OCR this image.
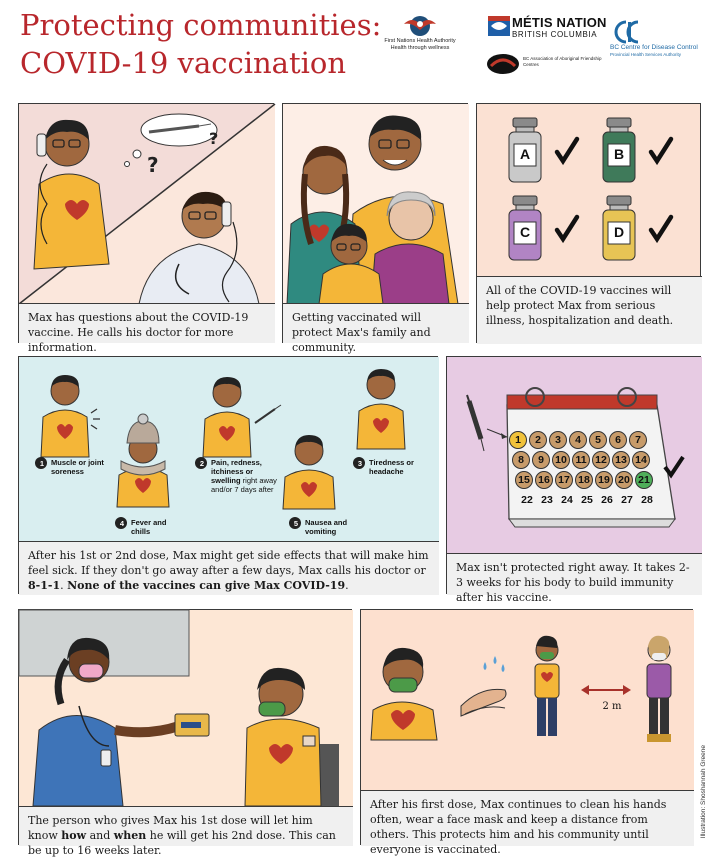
Protecting communities:
COVID-19 vaccination
First Nations Health Authority
Health through wellness
MÉTIS NATION
BRITISH COLUMBIA
BC Association of Aboriginal Friendship Centres
BC Centre for Disease Control
Provincial Health Services Authority
?
?
Max has questions about the COVID-19 vaccine. He calls his doctor for more information.
Getting vaccinated will protect Max's family and community.
A	B
C	D
All of the COVID-19 vaccines will help protect Max from serious illness, hospitalization and death.
1 Muscle or joint soreness
2 Pain, redness, itchiness or swelling right away and/or 7 days after
3 Tiredness or headache
4 Fever and chills
5 Nausea and vomiting
After his 1st or 2nd dose, Max might get side effects that will make him feel sick. If they don't go away after a few days, Max calls his doctor or 8-1-1. None of the vaccines can give Max COVID-19.
1	2	3	4	5	6	7
8	9	10 11 12 13 14
15 16 17 18 19 20 21
22 23 24 25 26 27 28
Max isn't protected right away. It takes 2-3 weeks for his body to build immunity after his vaccine.
The person who gives Max his 1st dose will let him know how and when he will get his 2nd dose. This can be up to 16 weeks later.
2 m
After his first dose, Max continues to clean his hands often, wear a face mask and keep a distance from others. This protects him and his community until everyone is vaccinated.
Illustration: Shoshannah Greene
